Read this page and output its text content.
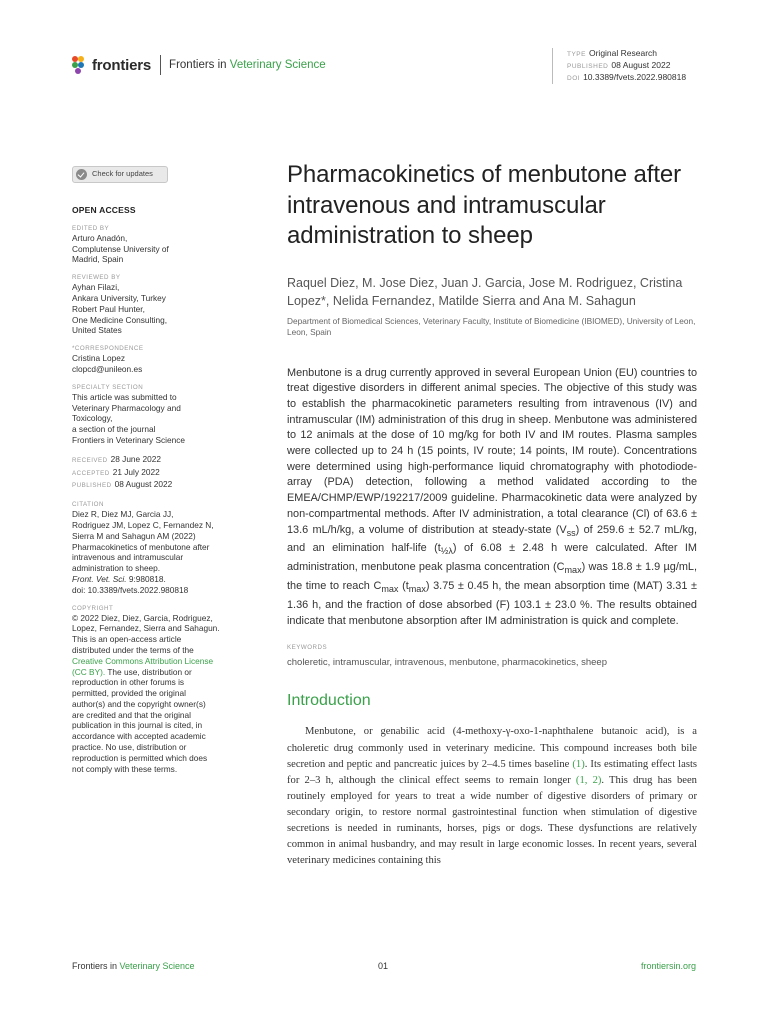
frontiers Frontiers in Veterinary Science
TYPE Original Research
PUBLISHED 08 August 2022
DOI 10.3389/fvets.2022.980818
Check for updates
OPEN ACCESS
EDITED BY
Arturo Anadón,
Complutense University of
Madrid, Spain
REVIEWED BY
Ayhan Filazi,
Ankara University, Turkey
Robert Paul Hunter,
One Medicine Consulting,
United States
*CORRESPONDENCE
Cristina Lopez
clopcd@unileon.es
SPECIALTY SECTION
This article was submitted to
Veterinary Pharmacology and
Toxicology,
a section of the journal
Frontiers in Veterinary Science
RECEIVED 28 June 2022
ACCEPTED 21 July 2022
PUBLISHED 08 August 2022
CITATION
Diez R, Diez MJ, Garcia JJ,
Rodriguez JM, Lopez C, Fernandez N,
Sierra M and Sahagun AM (2022)
Pharmacokinetics of menbutone after
intravenous and intramuscular
administration to sheep.
Front. Vet. Sci. 9:980818.
doi: 10.3389/fvets.2022.980818
COPYRIGHT
© 2022 Diez, Diez, Garcia, Rodriguez,
Lopez, Fernandez, Sierra and Sahagun.
This is an open-access article
distributed under the terms of the
Creative Commons Attribution License
(CC BY). The use, distribution or
reproduction in other forums is
permitted, provided the original
author(s) and the copyright owner(s)
are credited and that the original
publication in this journal is cited, in
accordance with accepted academic
practice. No use, distribution or
reproduction is permitted which does
not comply with these terms.
Pharmacokinetics of menbutone after intravenous and intramuscular administration to sheep
Raquel Diez, M. Jose Diez, Juan J. Garcia, Jose M. Rodriguez, Cristina Lopez*, Nelida Fernandez, Matilde Sierra and Ana M. Sahagun
Department of Biomedical Sciences, Veterinary Faculty, Institute of Biomedicine (IBIOMED), University of Leon, Leon, Spain
Menbutone is a drug currently approved in several European Union (EU) countries to treat digestive disorders in different animal species. The objective of this study was to establish the pharmacokinetic parameters resulting from intravenous (IV) and intramuscular (IM) administration of this drug in sheep. Menbutone was administered to 12 animals at the dose of 10 mg/kg for both IV and IM routes. Plasma samples were collected up to 24 h (15 points, IV route; 14 points, IM route). Concentrations were determined using high-performance liquid chromatography with photodiode-array (PDA) detection, following a method validated according to the EMEA/CHMP/EWP/192217/2009 guideline. Pharmacokinetic data were analyzed by non-compartmental methods. After IV administration, a total clearance (Cl) of 63.6 ± 13.6 mL/h/kg, a volume of distribution at steady-state $(V_{ss})$ of 259.6 ± 52.7 mL/kg, and an elimination half-life $(t_{\frac{1}{2}\lambda})$ of 6.08 ± 2.48 h were calculated. After IM administration, menbutone peak plasma concentration $(C_{max})$ was 18.8 ± 1.9 µg/mL, the time to reach $C_{max}$ $(t_{max}) 3.75 \pm 0.45$ h, the mean absorption time (MAT) 3.31 ± 1.36 h, and the fraction of dose absorbed (F) 103.1 ± 23.0 %. The results obtained indicate that menbutone absorption after IM administration is quick and complete.
KEYWORDS
choleretic, intramuscular, intravenous, menbutone, pharmacokinetics, sheep
Introduction

Menbutone, or genabilic acid (4-methoxy-γ-oxo-1-naphthalene butanoic acid), is a choleretic drug commonly used in veterinary medicine. This compound increases both bile secretion and peptic and pancreatic juices by 2–4.5 times baseline (1). Its estimating effect lasts for 2–3 h, although the clinical effect seems to remain longer (1, 2). This drug has been routinely employed for years to treat a wide number of digestive disorders of primary or secondary origin, to restore normal gastrointestinal function when stimulation of digestive secretions is needed in ruminants, horses, pigs or dogs. These dysfunctions are relatively common in animal husbandry, and may result in large economic losses. In recent years, several veterinary medicines containing this

Frontiers in Veterinary Science	01	frontiersin.org
